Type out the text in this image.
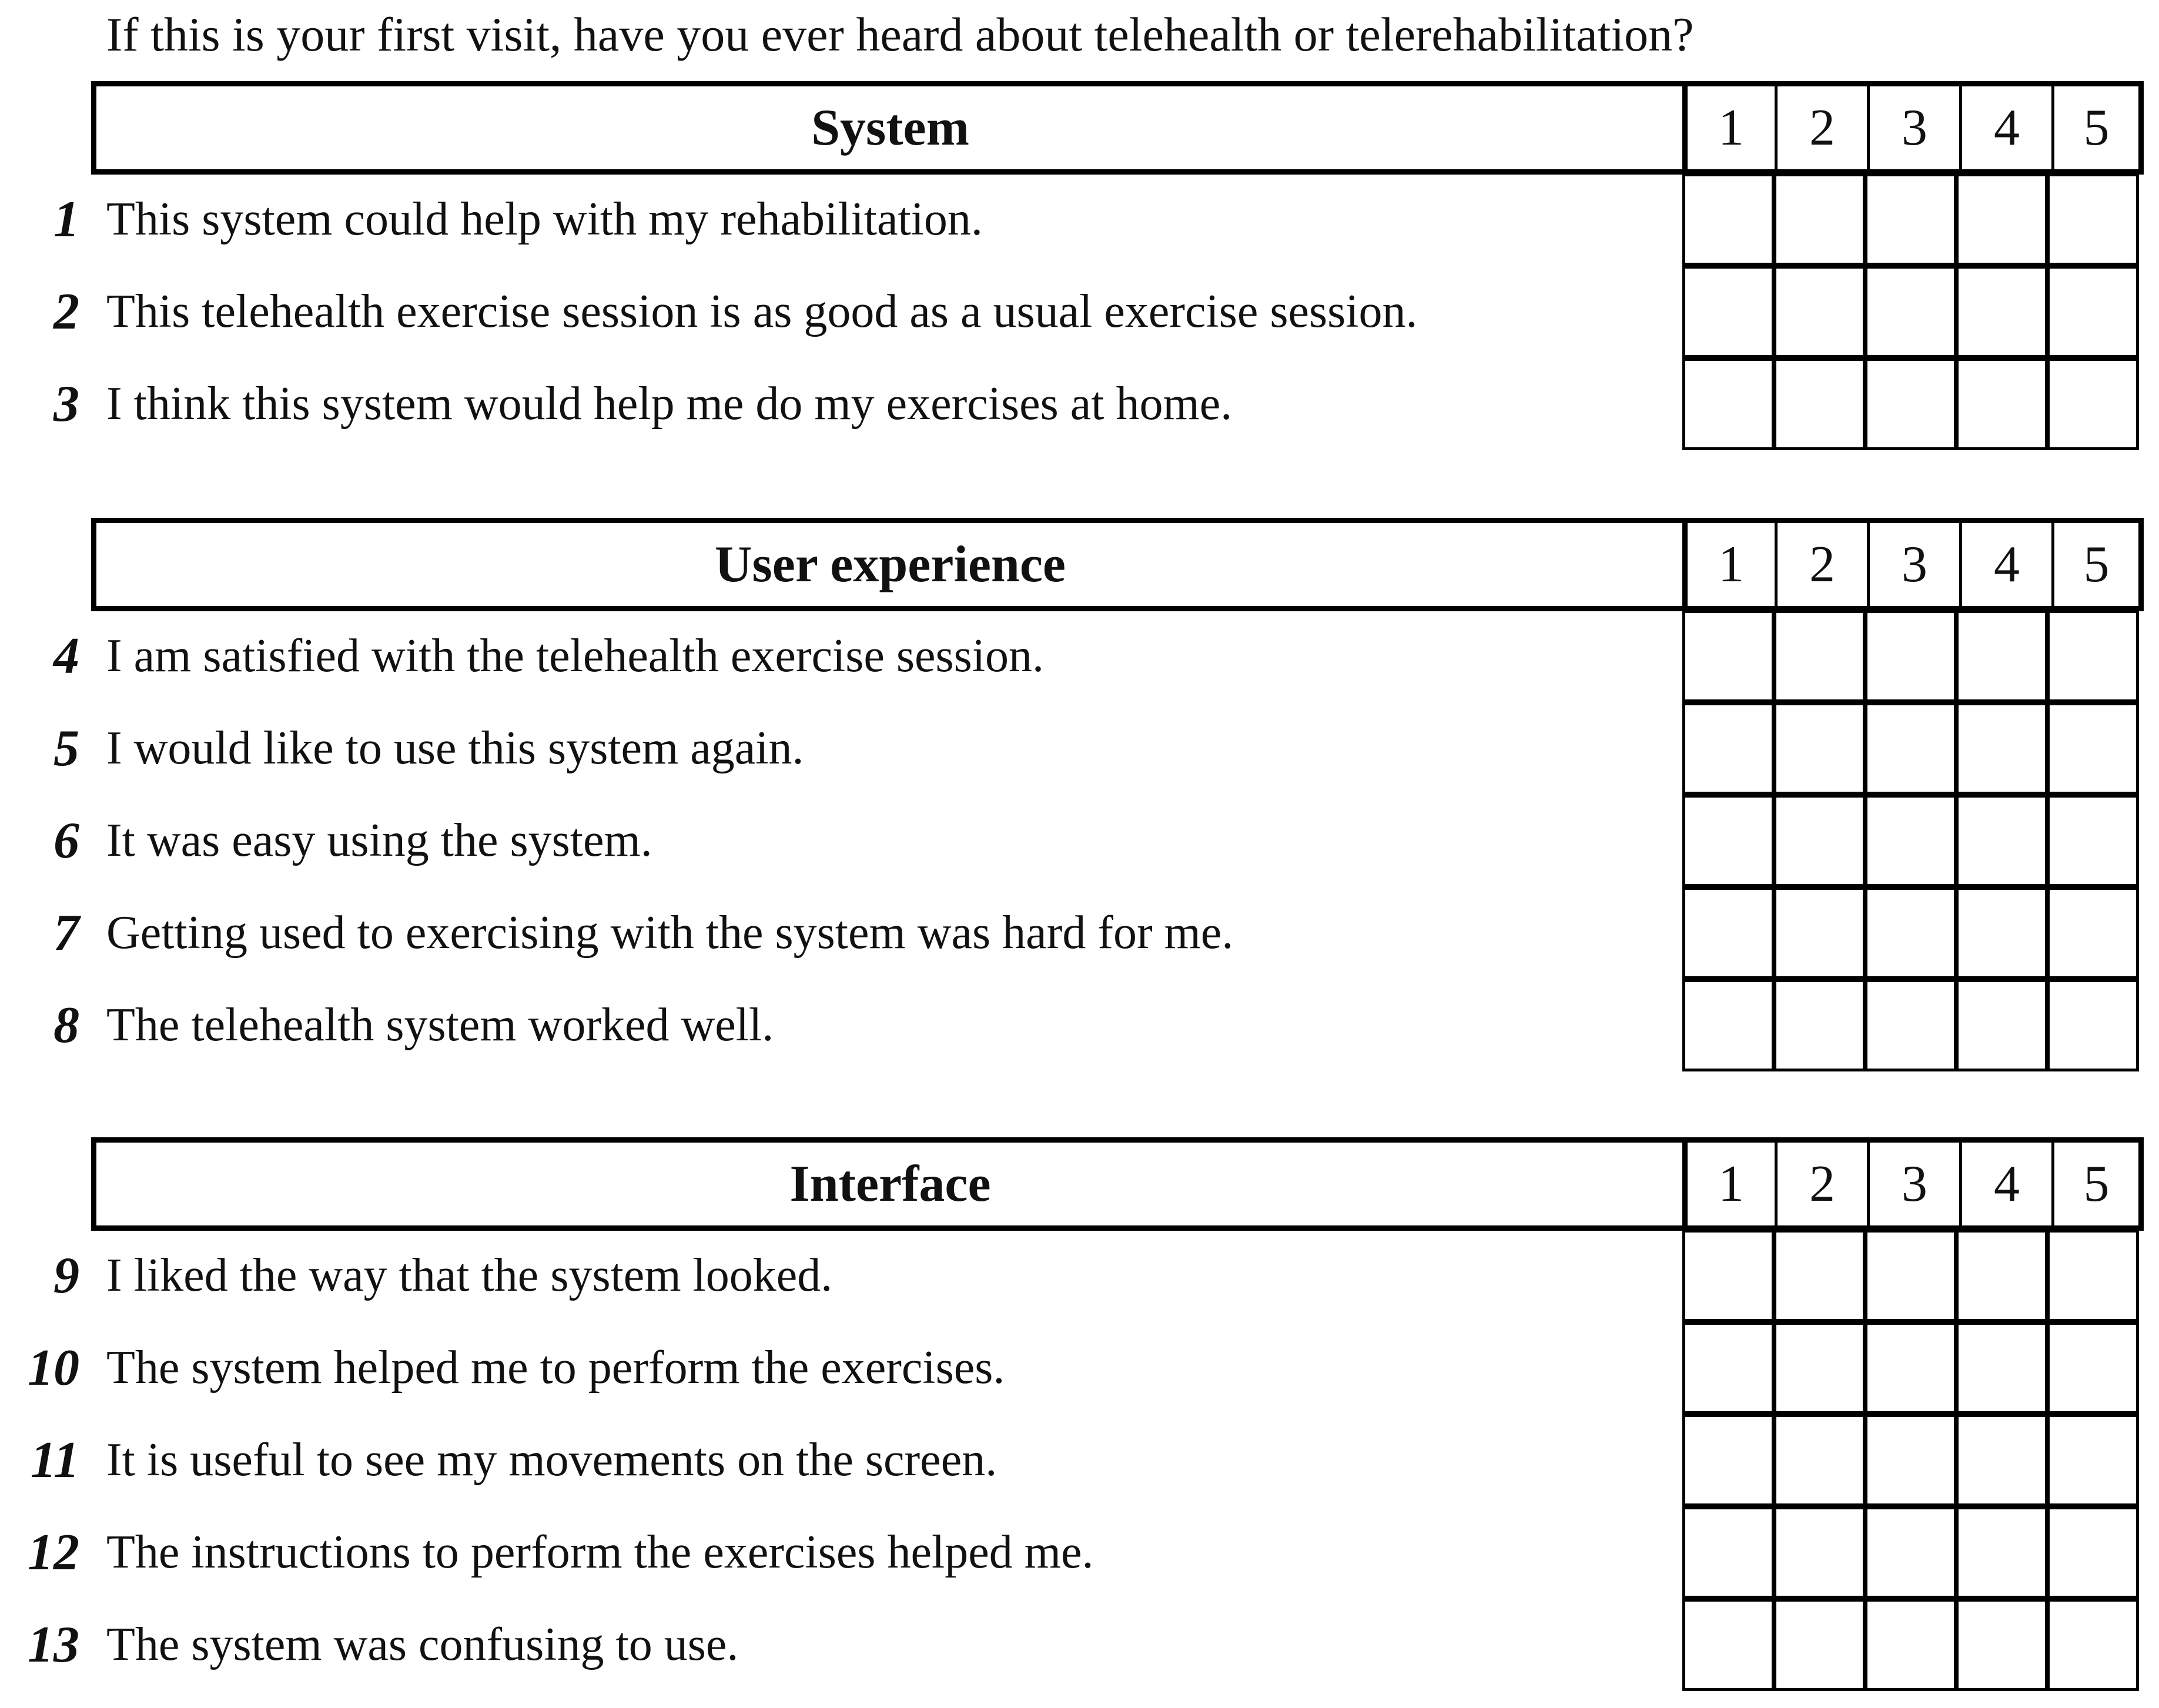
If this is your first visit, have you ever heard about telehealth or telerehabilitation?

System	1	2	3	4	5
1 This system could help with my rehabilitation.
2 This telehealth exercise session is as good as a usual exercise session.
3 I think this system would help me do my exercises at home.
User experience	1	2	3	4	5
4 I am satisfied with the telehealth exercise session.
5 I would like to use this system again.
6 It was easy using the system.
7 Getting used to exercising with the system was hard for me.
8 The telehealth system worked well.
Interface	1	2	3	4	5
9 I liked the way that the system looked.
10 The system helped me to perform the exercises.
11 It is useful to see my movements on the screen.
12 The instructions to perform the exercises helped me.
13 The system was confusing to use.
